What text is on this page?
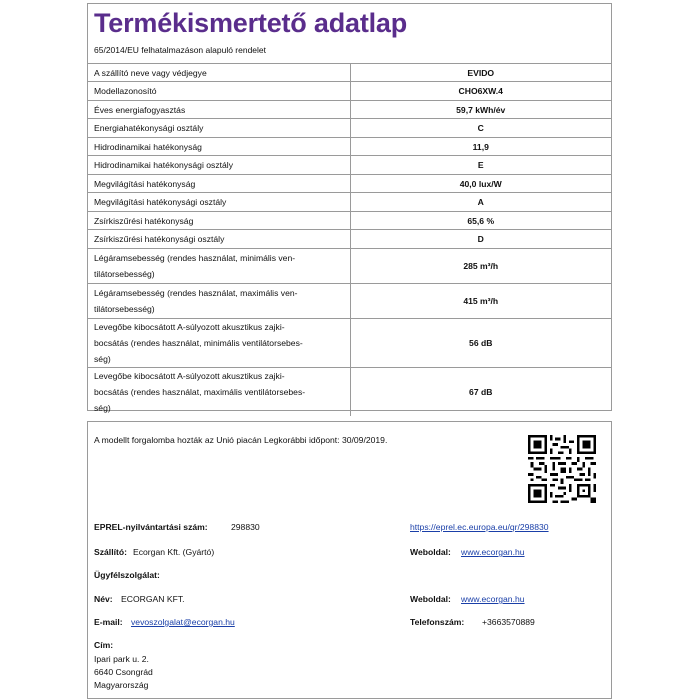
Termékismertető adatlap
65/2014/EU felhatalmazáson alapuló rendelet
A szállító neve vagy védjegye	EVIDO
Modellazonosító	CHO6XW.4
Éves energiafogyasztás	59,7 kWh/év
Energiahatékonysági osztály	C
Hidrodinamikai hatékonyság	11,9
Hidrodinamikai hatékonysági osztály	E
Megvilágítási hatékonyság	40,0 lux/W
Megvilágítási hatékonysági osztály	A
Zsírkiszűrési hatékonyság	65,6 %
Zsírkiszűrési hatékonysági osztály	D
Légáramsebesség (rendes használat, minimális ven-
tilátorsebesség)	285 m³/h
Légáramsebesség (rendes használat, maximális ven-
tilátorsebesség)	415 m³/h
Levegőbe kibocsátott A-súlyozott akusztikus zajki-
bocsátás (rendes használat, minimális ventilátorsebes-
ség)	56 dB
Levegőbe kibocsátott A-súlyozott akusztikus zajki-
bocsátás (rendes használat, maximális ventilátorsebes-
ség)	67 dB
A modellt forgalomba hozták az Unió piacán Legkorábbi időpont: 30/09/2019.
EPREL-nyilvántartási szám:	298830	https://eprel.ec.europa.eu/qr/298830
Szállító: Ecorgan Kft. (Gyártó)	Weboldal: www.ecorgan.hu
Ügyfélszolgálat:
Név: ECORGAN KFT.	Weboldal: www.ecorgan.hu
E-mail: vevoszolgalat@ecorgan.hu	Telefonszám: +3663570889
Cím:
Ipari park u. 2.
6640 Csongrád
Magyarország
